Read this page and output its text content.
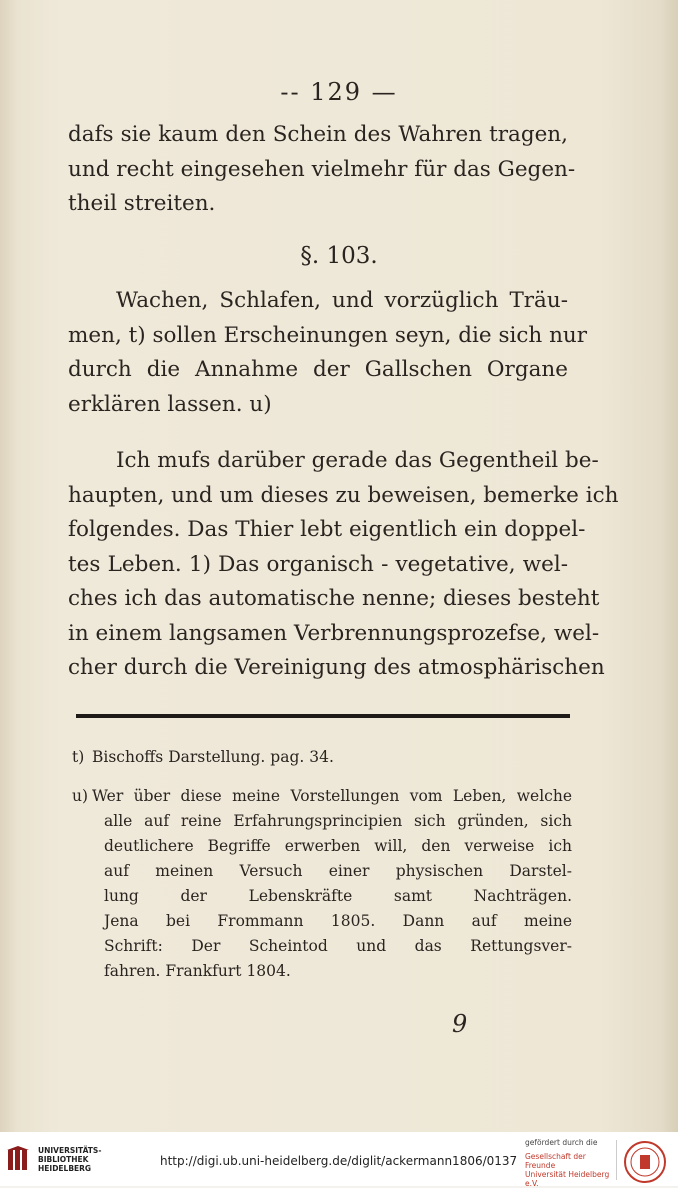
-- 129 —

dafs sie kaum den Schein des Wahren tragen,
und recht eingesehen vielmehr für das Gegen-
theil streiten.

§. 103.

Wachen, Schlafen, und vorzüglich Träu-
men, t) sollen Erscheinungen seyn, die sich nur
durch die Annahme der Gallschen Organe
erklären lassen. u)

Ich mufs darüber gerade das Gegentheil be-
haupten, und um dieses zu beweisen, bemerke ich
folgendes. Das Thier lebt eigentlich ein doppel-
tes Leben. 1) Das organisch - vegetative, wel-
ches ich das automatische nenne; dieses besteht
in einem langsamen Verbrennungsprozefse, wel-
cher durch die Vereinigung des atmosphärischen

t) Bischoffs Darstellung. pag. 34.

u) Wer über diese meine Vorstellungen vom Leben, welche
alle auf reine Erfahrungsprincipien sich gründen, sich
deutlichere Begriffe erwerben will, den verweise ich
auf meinen Versuch einer physischen Darstel-
lung der Lebenskräfte samt Nachträgen.
Jena bei Frommann 1805. Dann auf meine
Schrift: Der Scheintod und das Rettungsver-
fahren. Frankfurt 1804.

9
UNIVERSITÄTS-
BIBLIOTHEK
HEIDELBERG
http://digi.ub.uni-heidelberg.de/diglit/ackermann1806/0137
gefördert durch die
Gesellschaft der Freunde
Universität Heidelberg e.V.
